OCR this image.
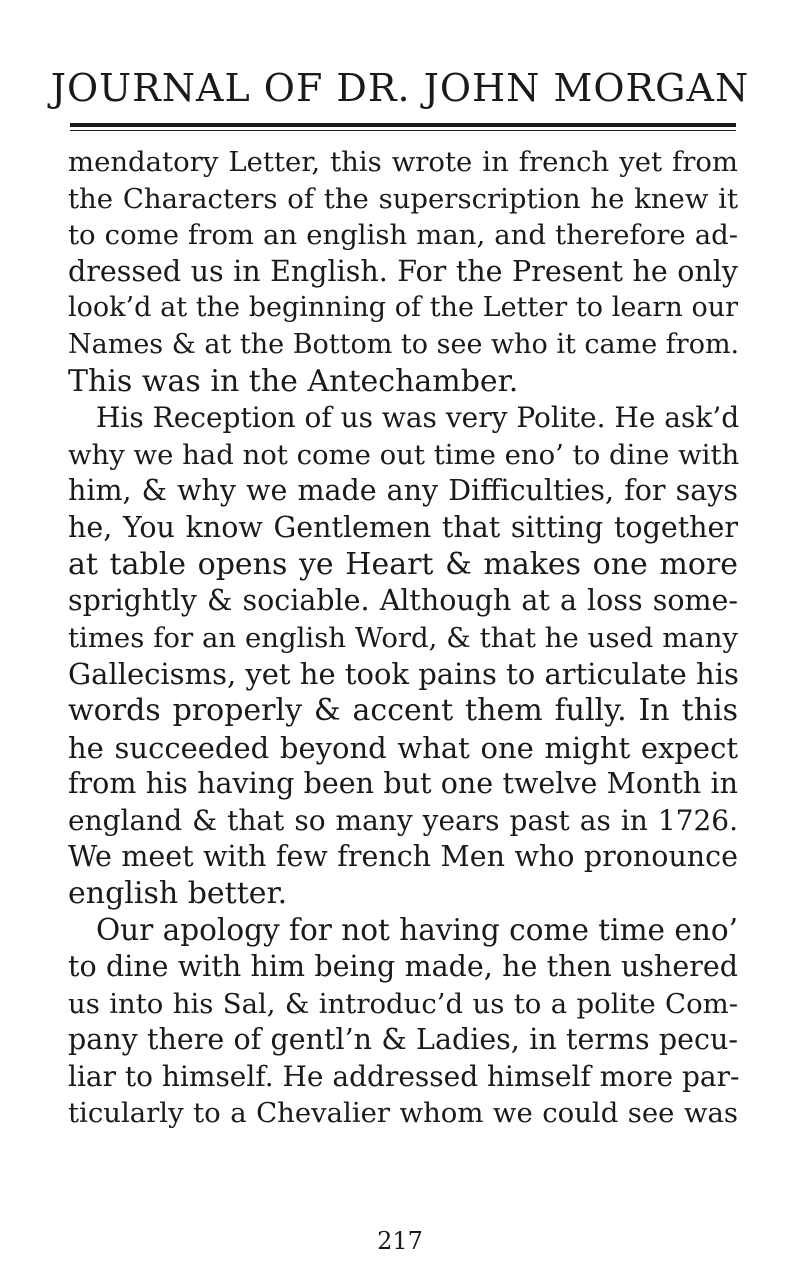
JOURNAL OF DR. JOHN MORGAN
mendatory Letter, this wrote in french yet from
the Characters of the superscription he knew it
to come from an english man, and therefore ad-
dressed us in English. For the Present he only
look’d at the beginning of the Letter to learn our
Names & at the Bottom to see who it came from.
This was in the Antechamber.
His Reception of us was very Polite. He ask’d
why we had not come out time eno’ to dine with
him, & why we made any Difficulties, for says
he, You know Gentlemen that sitting together
at table opens ye Heart & makes one more
sprightly & sociable. Although at a loss some-
times for an english Word, & that he used many
Gallecisms, yet he took pains to articulate his
words properly & accent them fully. In this
he succeeded beyond what one might expect
from his having been but one twelve Month in
england & that so many years past as in 1726.
We meet with few french Men who pronounce
english better.
Our apology for not having come time eno’
to dine with him being made, he then ushered
us into his Sal, & introduc’d us to a polite Com-
pany there of gentl’n & Ladies, in terms pecu-
liar to himself. He addressed himself more par-
ticularly to a Chevalier whom we could see was
217
